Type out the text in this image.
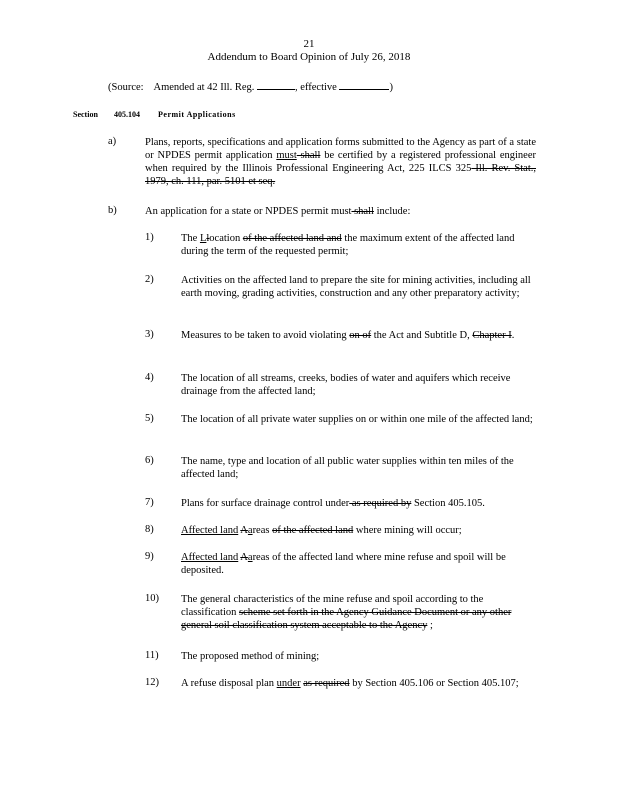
21
Addendum to Board Opinion of July 26, 2018
(Source: Amended at 42 Ill. Reg.	, effective	)
Section 405.104 Permit Applications
a)	Plans, reports, specifications and application forms submitted to the Agency as part of a state or NPDES permit application must shall be certified by a registered professional engineer when required by the Illinois Professional Engineering Act, 225 ILCS 325 Ill. Rev. Stat., 1979, ch. 111, par. 5101 et seq.
b)	An application for a state or NPDES permit must shall include:
1)	The Llocation of the affected land and the maximum extent of the affected land during the term of the requested permit;
2)	Activities on the affected land to prepare the site for mining activities, including all earth moving, grading activities, construction and any other preparatory activity;
3)	Measures to be taken to avoid violating on of the Act and Subtitle D, Chapter I.
4)	The location of all streams, creeks, bodies of water and aquifers which receive drainage from the affected land;
5)	The location of all private water supplies on or within one mile of the affected land;
6)	The name, type and location of all public water supplies within ten miles of the affected land;
7)	Plans for surface drainage control under as required by Section 405.105.
8)	Affected land Aareas of the affected land where mining will occur;
9)	Affected land Aareas of the affected land where mine refuse and spoil will be deposited.
10) The general characteristics of the mine refuse and spoil according to the classification scheme set forth in the Agency Guidance Document or any other general soil classification system acceptable to the Agency ;
11) The proposed method of mining;
12) A refuse disposal plan under as required by Section 405.106 or Section 405.107;
